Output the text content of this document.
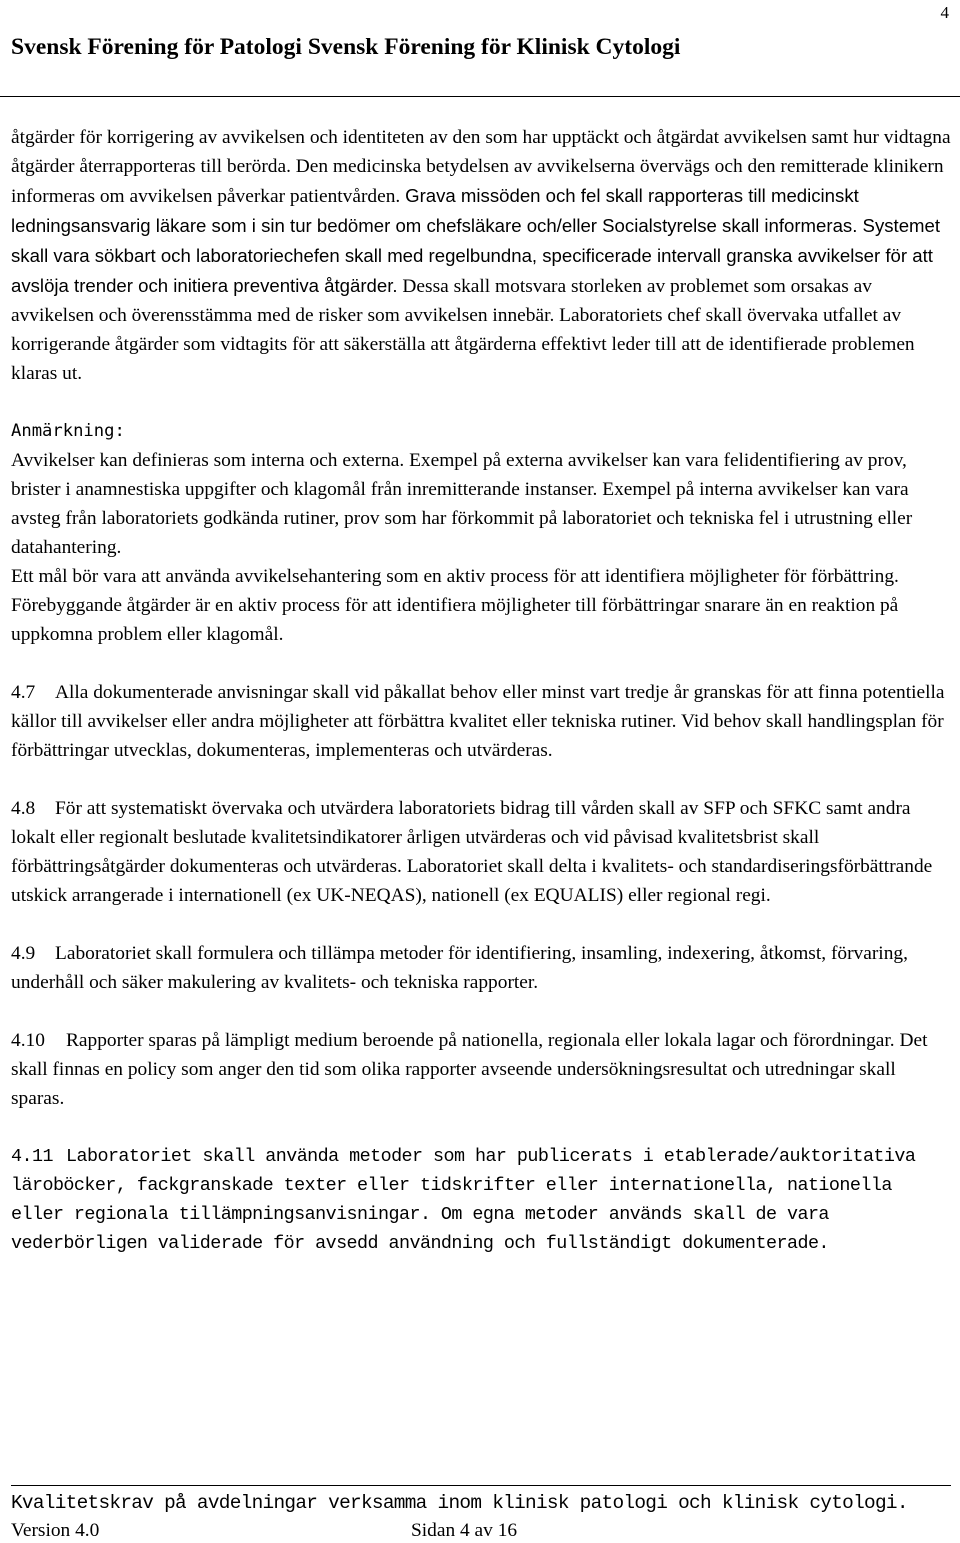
4
Svensk Förening för Patologi Svensk Förening för Klinisk Cytologi

åtgärder för korrigering av avvikelsen och identiteten av den som har upptäckt och åtgärdat avvikelsen samt hur vidtagna åtgärder återrapporteras till berörda. Den medicinska betydelsen av avvikelserna övervägs och den remitterade klinikern informeras om avvikelsen påverkar patientvården. Grava missöden och fel skall rapporteras till medicinskt ledningsansvarig läkare som i sin tur bedömer om chefsläkare och/eller Socialstyrelse skall informeras. Systemet skall vara sökbart och laboratoriechefen skall med regelbundna, specificerade intervall granska avvikelser för att avslöja trender och initiera preventiva åtgärder. Dessa skall motsvara storleken av problemet som orsakas av avvikelsen och överensstämma med de risker som avvikelsen innebär. Laboratoriets chef skall övervaka utfallet av korrigerande åtgärder som vidtagits för att säkerställa att åtgärderna effektivt leder till att de identifierade problemen klaras ut.

Anmärkning:

Avvikelser kan definieras som interna och externa. Exempel på externa avvikelser kan vara felidentifiering av prov, brister i anamnestiska uppgifter och klagomål från inremitterande instanser. Exempel på interna avvikelser kan vara avsteg från laboratoriets godkända rutiner, prov som har förkommit på laboratoriet och tekniska fel i utrustning eller datahantering.

Ett mål bör vara att använda avvikelsehantering som en aktiv process för att identifiera möjligheter för förbättring. Förebyggande åtgärder är en aktiv process för att identifiera möjligheter till förbättringar snarare än en reaktion på uppkomna problem eller klagomål.

4.7 Alla dokumenterade anvisningar skall vid påkallat behov eller minst vart tredje år granskas för att finna potentiella källor till avvikelser eller andra möjligheter att förbättra kvalitet eller tekniska rutiner. Vid behov skall handlingsplan för förbättringar utvecklas, dokumenteras, implementeras och utvärderas.

4.8 För att systematiskt övervaka och utvärdera laboratoriets bidrag till vården skall av SFP och SFKC samt andra lokalt eller regionalt beslutade kvalitetsindikatorer årligen utvärderas och vid påvisad kvalitetsbrist skall förbättringsåtgärder dokumenteras och utvärderas. Laboratoriet skall delta i kvalitets- och standardiseringsförbättrande utskick arrangerade i internationell (ex UK-NEQAS), nationell (ex EQUALIS) eller regional regi.

4.9 Laboratoriet skall formulera och tillämpa metoder för identifiering, insamling, indexering, åtkomst, förvaring, underhåll och säker makulering av kvalitets- och tekniska rapporter.

4.10 Rapporter sparas på lämpligt medium beroende på nationella, regionala eller lokala lagar och förordningar. Det skall finnas en policy som anger den tid som olika rapporter avseende undersökningsresultat och utredningar skall sparas.

4.11 Laboratoriet skall använda metoder som har publicerats i etablerade/auktoritativa läroböcker, fackgranskade texter eller tidskrifter eller internationella, nationella eller regionala tillämpningsanvisningar. Om egna metoder används skall de vara vederbörligen validerade för avsedd användning och fullständigt dokumenterade.

Kvalitetskrav på avdelningar verksamma inom klinisk patologi och klinisk cytologi.
Version 4.0	Sidan 4 av 16
